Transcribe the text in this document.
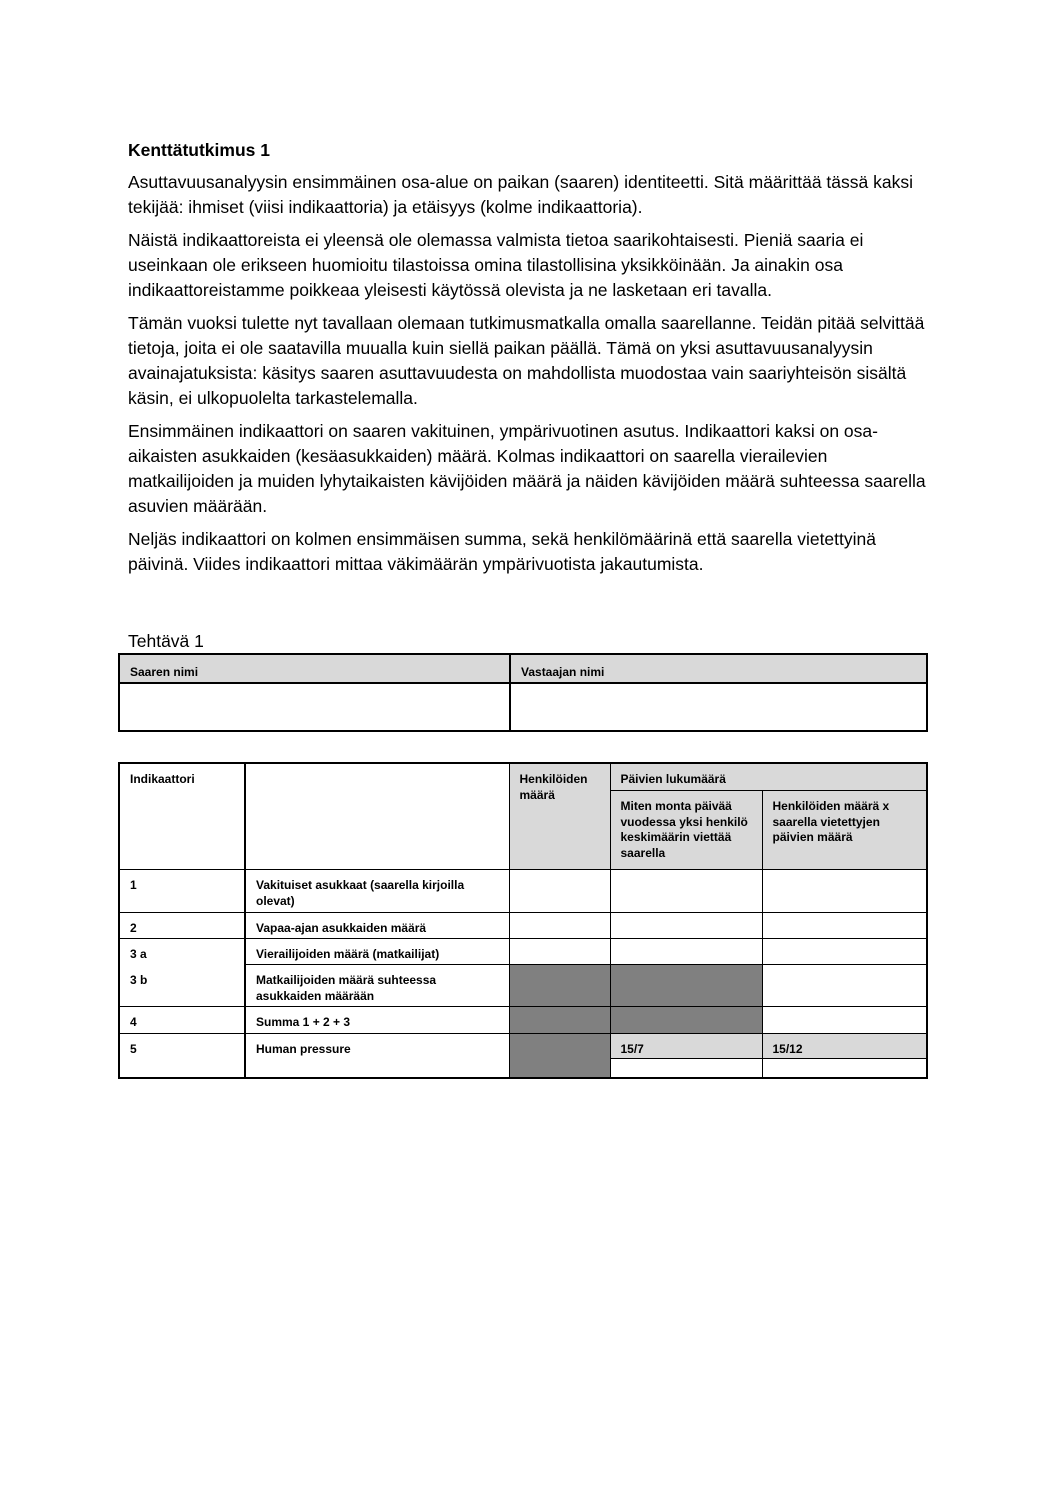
Kenttätutkimus 1

Asuttavuusanalyysin ensimmäinen osa-alue on paikan (saaren) identiteetti. Sitä määrittää tässä kaksi tekijää: ihmiset (viisi indikaattoria) ja etäisyys (kolme indikaattoria).

Näistä indikaattoreista ei yleensä ole olemassa valmista tietoa saarikohtaisesti. Pieniä saaria ei useinkaan ole erikseen huomioitu tilastoissa omina tilastollisina yksikköinään. Ja ainakin osa indikaattoreistamme poikkeaa yleisesti käytössä olevista ja ne lasketaan eri tavalla.

Tämän vuoksi tulette nyt tavallaan olemaan tutkimusmatkalla omalla saarellanne. Teidän pitää selvittää tietoja, joita ei ole saatavilla muualla kuin siellä paikan päällä. Tämä on yksi asuttavuusanalyysin avainajatuksista: käsitys saaren asuttavuudesta on mahdollista muodostaa vain saariyhteisön sisältä käsin, ei ulkopuolelta tarkastelemalla.

Ensimmäinen indikaattori on saaren vakituinen, ympärivuotinen asutus. Indikaattori kaksi on osa-aikaisten asukkaiden (kesäasukkaiden) määrä. Kolmas indikaattori on saarella vierailevien matkailijoiden ja muiden lyhytaikaisten kävijöiden määrä ja näiden kävijöiden määrä suhteessa saarella asuvien määrään.

Neljäs indikaattori on kolmen ensimmäisen summa, sekä henkilömäärinä että saarella vietettyinä päivinä. Viides indikaattori mittaa väkimäärän ympärivuotista jakautumista.

Tehtävä 1
Saaren nimi	Vastaajan nimi

Indikaattori		Henkilöiden määrä	Päivien lukumäärä	
			Miten monta päivää vuodessa yksi henkilö keskimäärin viettää saarella	Henkilöiden määrä x saarella vietettyjen päivien määrä
1	Vakituiset asukkaat (saarella kirjoilla olevat)			
2	Vapaa-ajan asukkaiden määrä			
3 a	Vierailijoiden määrä (matkailijat)			
3 b	Matkailijoiden määrä suhteessa asukkaiden määrään			
4	Summa 1 + 2 + 3			
5	Human pressure		15/7	15/12
